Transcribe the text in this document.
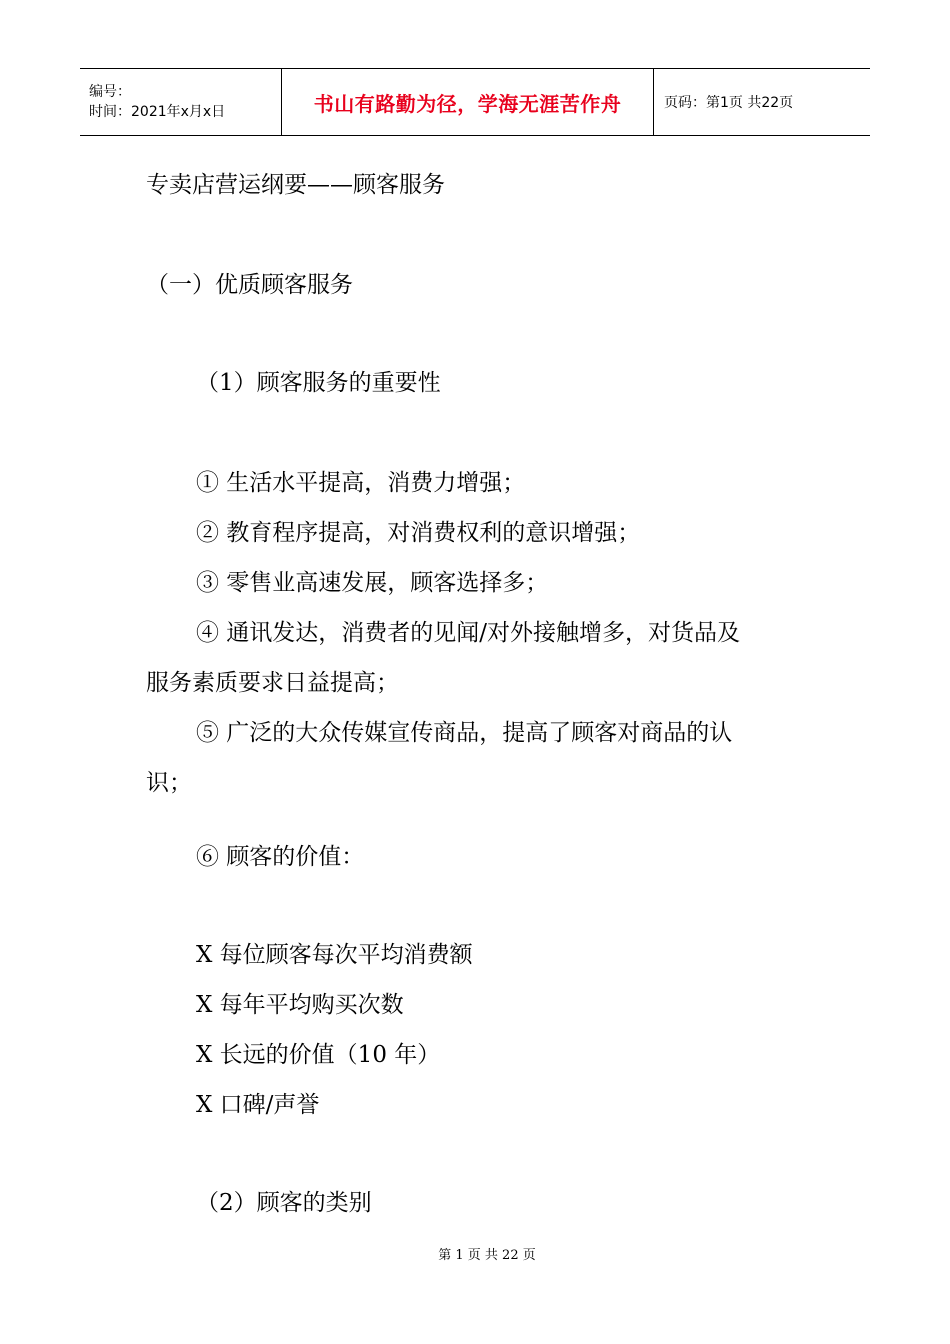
编号：
时间：2021年x月x日	书山有路勤为径，学海无涯苦作舟	页码：第1页 共22页
专卖店营运纲要——顾客服务
（一）优质顾客服务
（1）顾客服务的重要性
① 生活水平提高，消费力增强；
② 教育程序提高，对消费权利的意识增强；
③ 零售业高速发展，顾客选择多；
④ 通讯发达，消费者的见闻/对外接触增多，对货品及
服务素质要求日益提高；
⑤ 广泛的大众传媒宣传商品，提高了顾客对商品的认
识；
⑥ 顾客的价值：
X 每位顾客每次平均消费额
X 每年平均购买次数
X 长远的价值（10 年）
X 口碑/声誉
（2）顾客的类别
第 1 页 共 22 页
